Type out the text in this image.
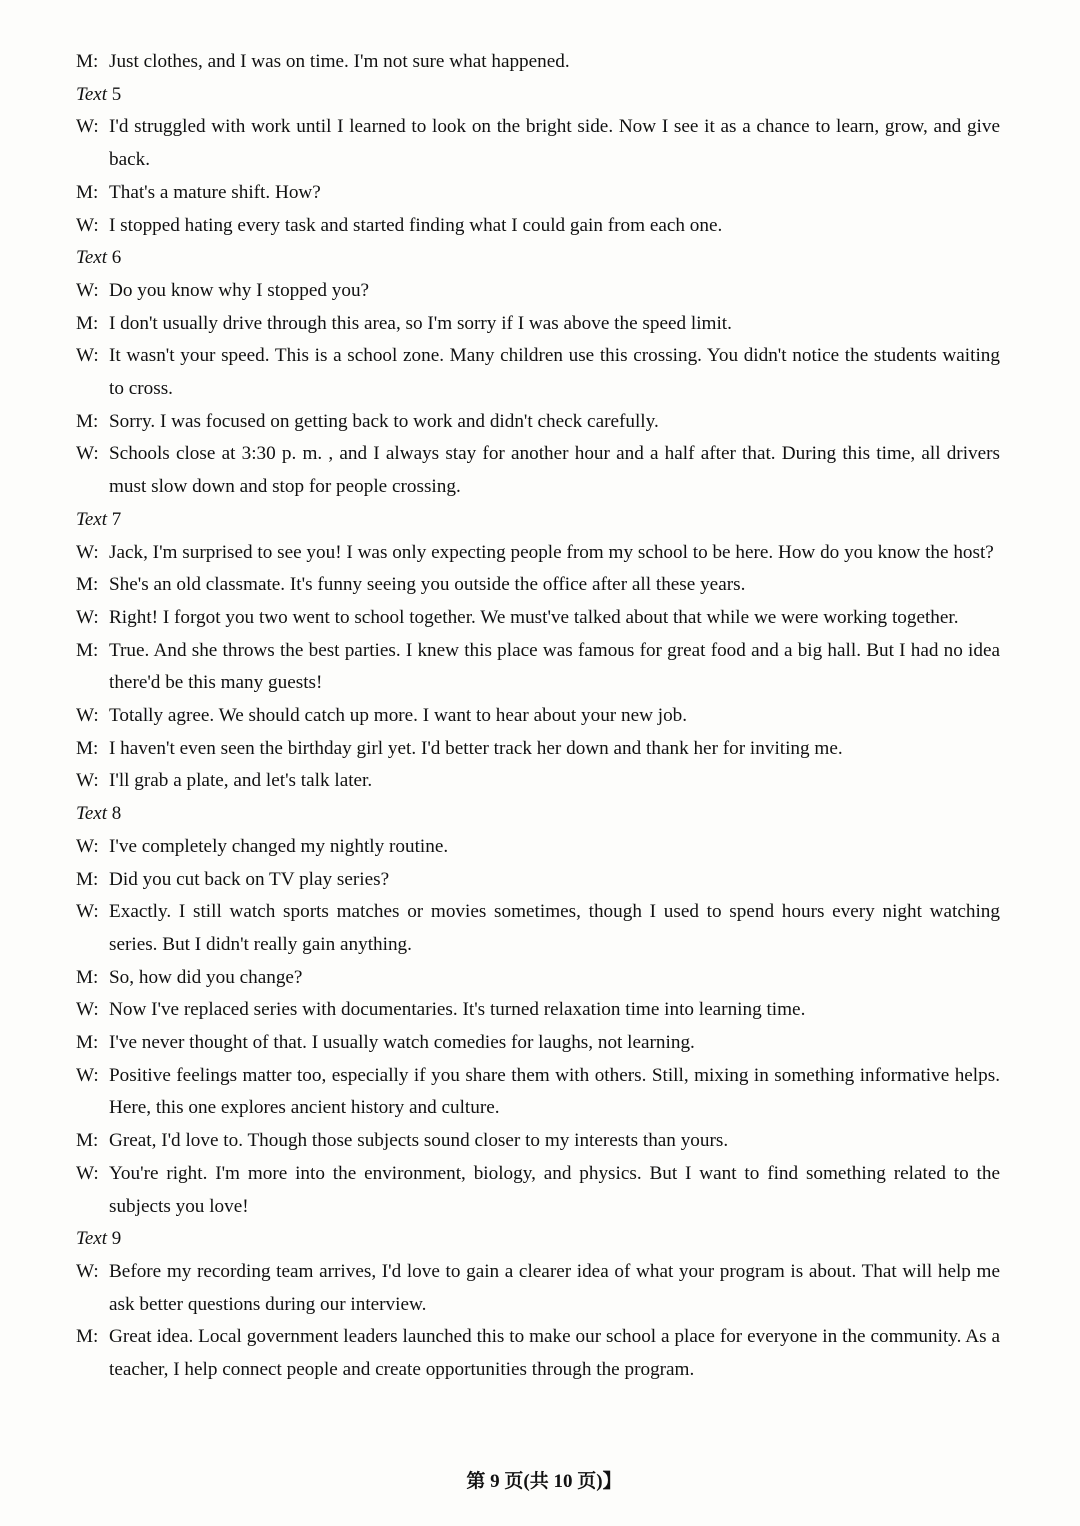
M: Just clothes, and I was on time. I'm not sure what happened.
Text 5
W: I'd struggled with work until I learned to look on the bright side. Now I see it as a chance to learn, grow, and give back.
M: That's a mature shift. How?
W: I stopped hating every task and started finding what I could gain from each one.
Text 6
W: Do you know why I stopped you?
M: I don't usually drive through this area, so I'm sorry if I was above the speed limit.
W: It wasn't your speed. This is a school zone. Many children use this crossing. You didn't notice the students waiting to cross.
M: Sorry. I was focused on getting back to work and didn't check carefully.
W: Schools close at 3:30 p. m. , and I always stay for another hour and a half after that. During this time, all drivers must slow down and stop for people crossing.
Text 7
W: Jack, I'm surprised to see you! I was only expecting people from my school to be here. How do you know the host?
M: She's an old classmate. It's funny seeing you outside the office after all these years.
W: Right! I forgot you two went to school together. We must've talked about that while we were working together.
M: True. And she throws the best parties. I knew this place was famous for great food and a big hall. But I had no idea there'd be this many guests!
W: Totally agree. We should catch up more. I want to hear about your new job.
M: I haven't even seen the birthday girl yet. I'd better track her down and thank her for inviting me.
W: I'll grab a plate, and let's talk later.
Text 8
W: I've completely changed my nightly routine.
M: Did you cut back on TV play series?
W: Exactly. I still watch sports matches or movies sometimes, though I used to spend hours every night watching series. But I didn't really gain anything.
M: So, how did you change?
W: Now I've replaced series with documentaries. It's turned relaxation time into learning time.
M: I've never thought of that. I usually watch comedies for laughs, not learning.
W: Positive feelings matter too, especially if you share them with others. Still, mixing in something informative helps. Here, this one explores ancient history and culture.
M: Great, I'd love to. Though those subjects sound closer to my interests than yours.
W: You're right. I'm more into the environment, biology, and physics. But I want to find something related to the subjects you love!
Text 9
W: Before my recording team arrives, I'd love to gain a clearer idea of what your program is about. That will help me ask better questions during our interview.
M: Great idea. Local government leaders launched this to make our school a place for everyone in the community. As a teacher, I help connect people and create opportunities through the program.
第 9 页(共 10 页)】
